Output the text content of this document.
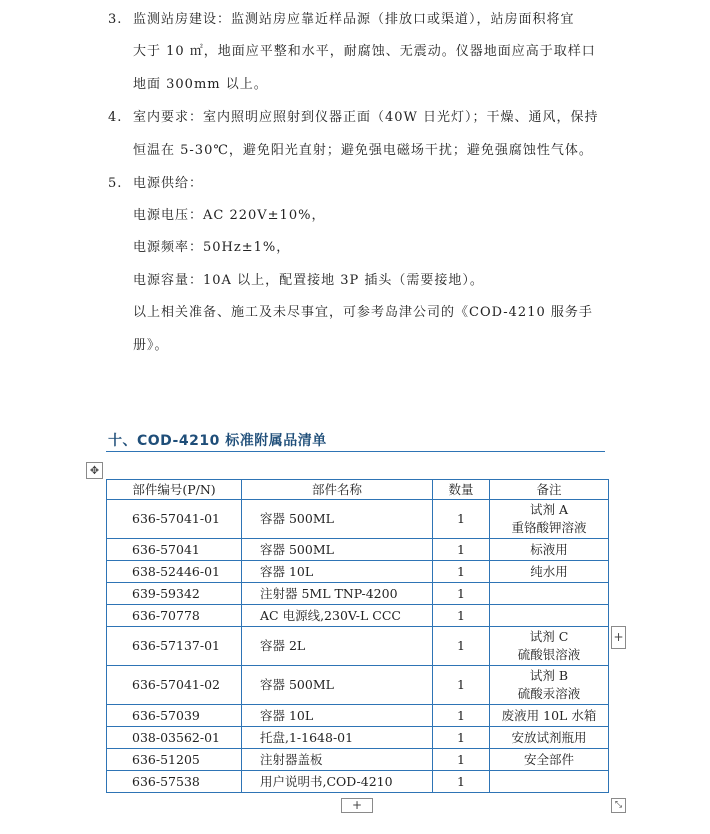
3. 监测站房建设：监测站房应靠近样品源（排放口或渠道），站房面积将宜
大于 10 ㎡，地面应平整和水平，耐腐蚀、无震动。仪器地面应高于取样口
地面 300mm 以上。
4. 室内要求：室内照明应照射到仪器正面（40W 日光灯）；干燥、通风，保持
恒温在 5-30℃，避免阳光直射；避免强电磁场干扰；避免强腐蚀性气体。
5. 电源供给：
电源电压：AC 220V±10%，
电源频率：50Hz±1%，
电源容量：10A 以上，配置接地 3P 插头（需要接地）。
以上相关准备、施工及未尽事宜，可参考岛津公司的《COD-4210 服务手
册》。
十、COD-4210 标准附属品清单
✥
部件编号(P/N)	部件名称	数量	备注
636-57041-01	容器 500ML	1	试剂 A
重铬酸钾溶液

636-57041	容器 500ML	1	标液用
638-52446-01	容器 10L	1	纯水用
639-59342	注射器 5ML TNP-4200	1	
636-70778	AC 电源线,230V-L CCC	1	
636-57137-01	容器 2L	1	试剂 C
硫酸银溶液

636-57041-02	容器 500ML	1	试剂 B
硫酸汞溶液

636-57039	容器 10L	1	废液用 10L 水箱
038-03562-01	托盘,1-1648-01	1	安放试剂瓶用
636-51205	注射器盖板	1	安全部件
636-57538	用户说明书,COD-4210	1	
+
+	⤡
